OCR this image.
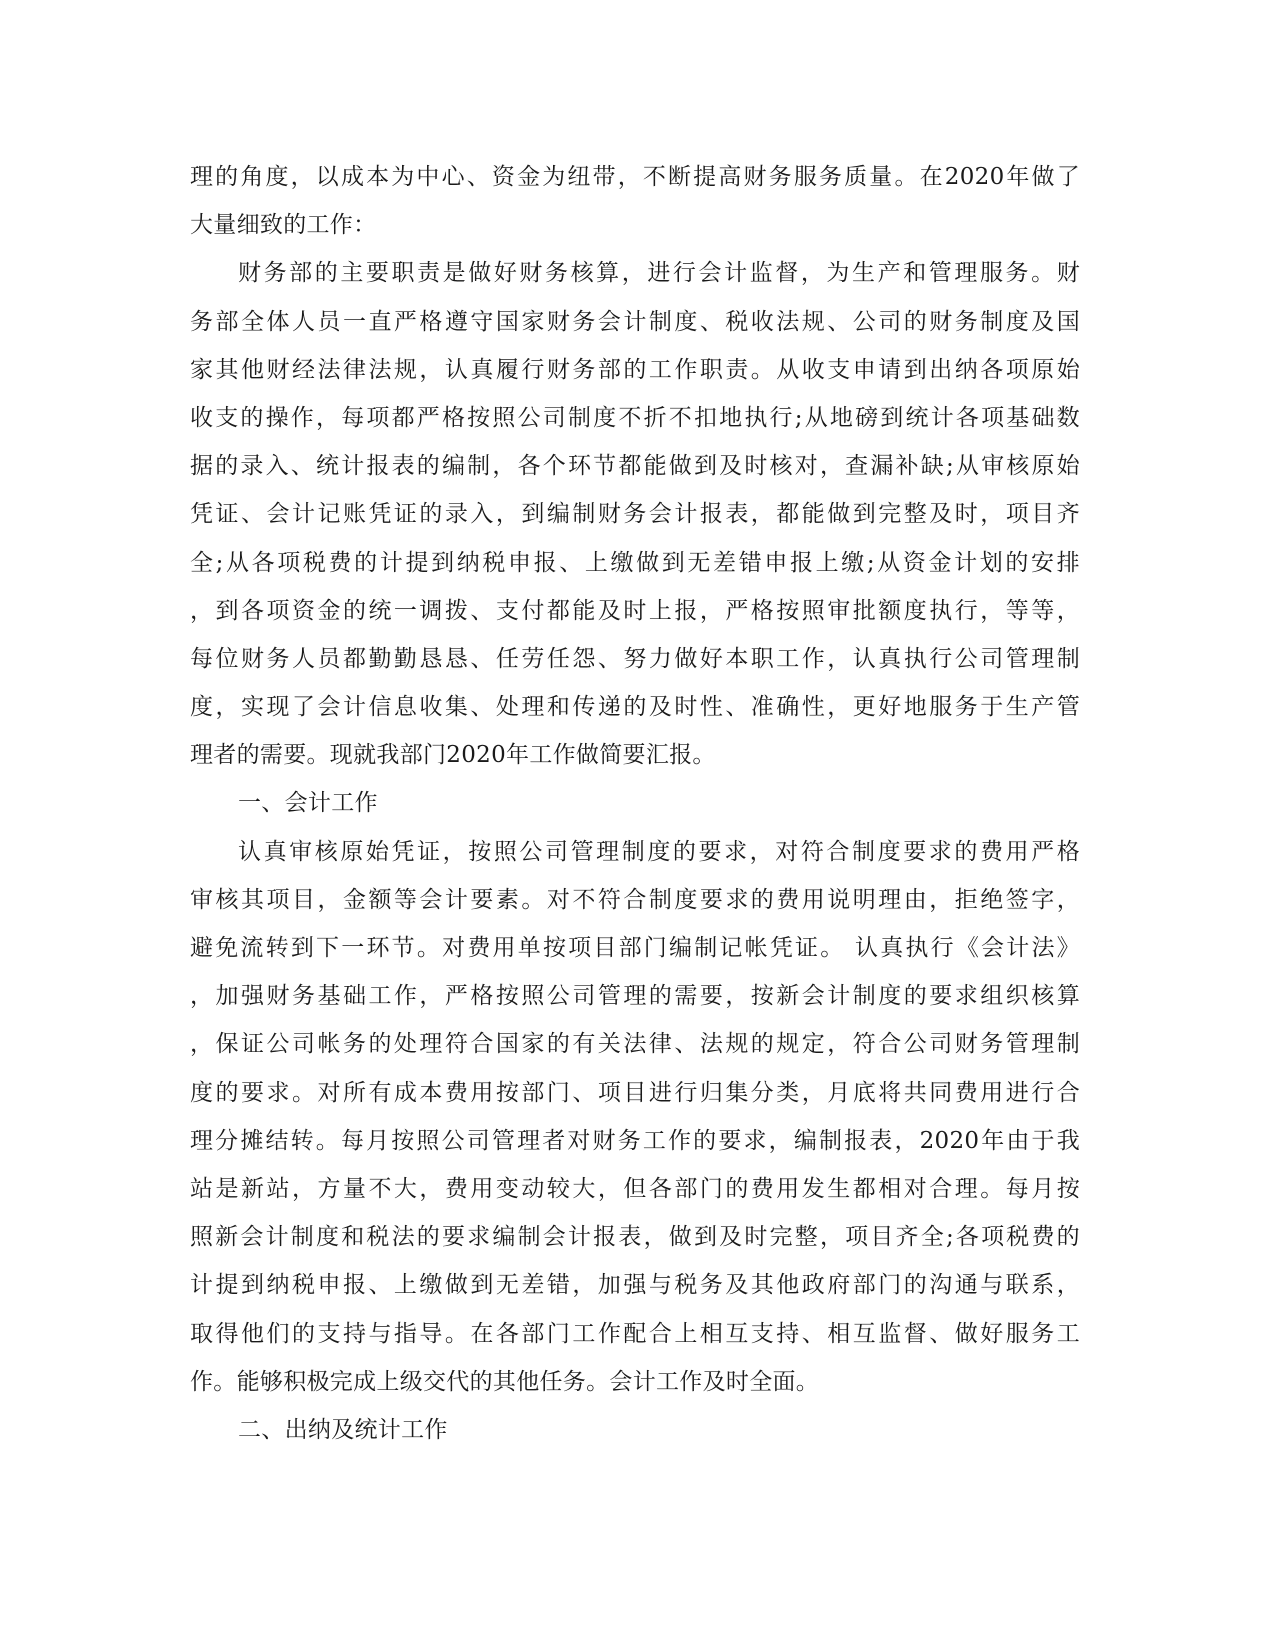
理的角度，以成本为中心、资金为纽带，不断提高财务服务质量。在2020年做了
大量细致的工作：
财务部的主要职责是做好财务核算，进行会计监督，为生产和管理服务。财
务部全体人员一直严格遵守国家财务会计制度、税收法规、公司的财务制度及国
家其他财经法律法规，认真履行财务部的工作职责。从收支申请到出纳各项原始
收支的操作，每项都严格按照公司制度不折不扣地执行;从地磅到统计各项基础数
据的录入、统计报表的编制，各个环节都能做到及时核对，查漏补缺;从审核原始
凭证、会计记账凭证的录入，到编制财务会计报表，都能做到完整及时，项目齐
全;从各项税费的计提到纳税申报、上缴做到无差错申报上缴;从资金计划的安排
，到各项资金的统一调拨、支付都能及时上报，严格按照审批额度执行，等等，
每位财务人员都勤勤恳恳、任劳任怨、努力做好本职工作，认真执行公司管理制
度，实现了会计信息收集、处理和传递的及时性、准确性，更好地服务于生产管
理者的需要。现就我部门2020年工作做简要汇报。
一、会计工作
认真审核原始凭证，按照公司管理制度的要求，对符合制度要求的费用严格
审核其项目，金额等会计要素。对不符合制度要求的费用说明理由，拒绝签字，
避免流转到下一环节。对费用单按项目部门编制记帐凭证。 认真执行《会计法》
，加强财务基础工作，严格按照公司管理的需要，按新会计制度的要求组织核算
，保证公司帐务的处理符合国家的有关法律、法规的规定，符合公司财务管理制
度的要求。对所有成本费用按部门、项目进行归集分类，月底将共同费用进行合
理分摊结转。每月按照公司管理者对财务工作的要求，编制报表，2020年由于我
站是新站，方量不大，费用变动较大，但各部门的费用发生都相对合理。每月按
照新会计制度和税法的要求编制会计报表，做到及时完整，项目齐全;各项税费的
计提到纳税申报、上缴做到无差错，加强与税务及其他政府部门的沟通与联系，
取得他们的支持与指导。在各部门工作配合上相互支持、相互监督、做好服务工
作。能够积极完成上级交代的其他任务。会计工作及时全面。
二、出纳及统计工作
